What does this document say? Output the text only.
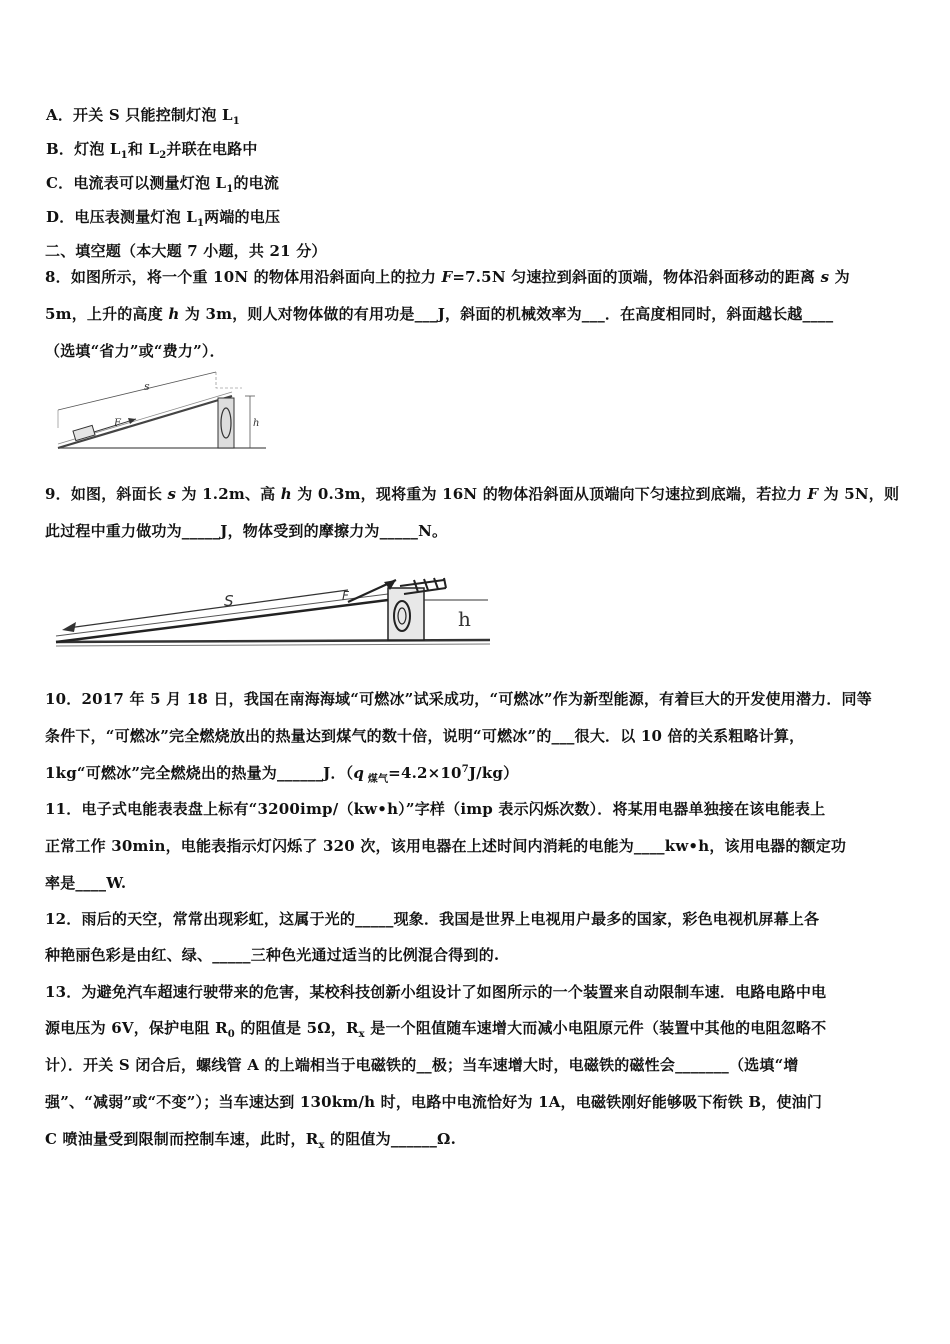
A．开关 S 只能控制灯泡 $L_1$
B．灯泡 $L_1$和 $L_2$并联在电路中
C．电流表可以测量灯泡 $L_1$的电流
D．电压表测量灯泡 $L_1$两端的电压
二、填空题（本大题 7 小题，共 21 分）
8．如图所示，将一个重 10N 的物体用沿斜面向上的拉力 F=7.5N 匀速拉到斜面的顶端，物体沿斜面移动的距离 s 为
5m，上升的高度 h 为 3m，则人对物体做的有用功是___J，斜面的机械效率为___．在高度相同时，斜面越长越____
（选填“省力”或“费力”）．
s
F	h
9．如图，斜面长 s 为 1.2m、高 h 为 0.3m，现将重为 16N 的物体沿斜面从顶端向下匀速拉到底端，若拉力 F 为 5N，则
此过程中重力做功为_____J，物体受到的摩擦力为_____N。
S	F
h
10．2017 年 5 月 18 日，我国在南海海域“可燃冰”试采成功，“可燃冰”作为新型能源，有着巨大的开发使用潜力．同等
条件下，“可燃冰”完全燃烧放出的热量达到煤气的数十倍，说明“可燃冰”的___很大．以 10 倍的关系粗略计算，
1kg“可燃冰”完全燃烧出的热量为______J．（q $_{煤气}=4.2\times 10^7J/kg$）
11．电子式电能表表盘上标有“3200imp/（kw•h）”字样（imp 表示闪烁次数）．将某用电器单独接在该电能表上
正常工作 30min，电能表指示灯闪烁了 320 次，该用电器在上述时间内消耗的电能为____kw•h，该用电器的额定功
率是____W.
12．雨后的天空，常常出现彩虹，这属于光的_____现象．我国是世界上电视用户最多的国家，彩色电视机屏幕上各
种艳丽色彩是由红、绿、_____三种色光通过适当的比例混合得到的.
13．为避免汽车超速行驶带来的危害，某校科技创新小组设计了如图所示的一个装置来自动限制车速．电路电路中电
源电压为 6V，保护电阻 $R_0$ 的阻值是 5Ω，$R_x$ 是一个阻值随车速增大而减小电阻原元件（装置中其他的电阻忽略不
计）．开关 S 闭合后，螺线管 A 的上端相当于电磁铁的__极；当车速增大时，电磁铁的磁性会_______（选填“增
强”、“减弱”或“不变”）；当车速达到 130km/h 时，电路中电流恰好为 1A，电磁铁刚好能够吸下衔铁 B，使油门
C 喷油量受到限制而控制车速，此时，$R_x$ 的阻值为______Ω.
